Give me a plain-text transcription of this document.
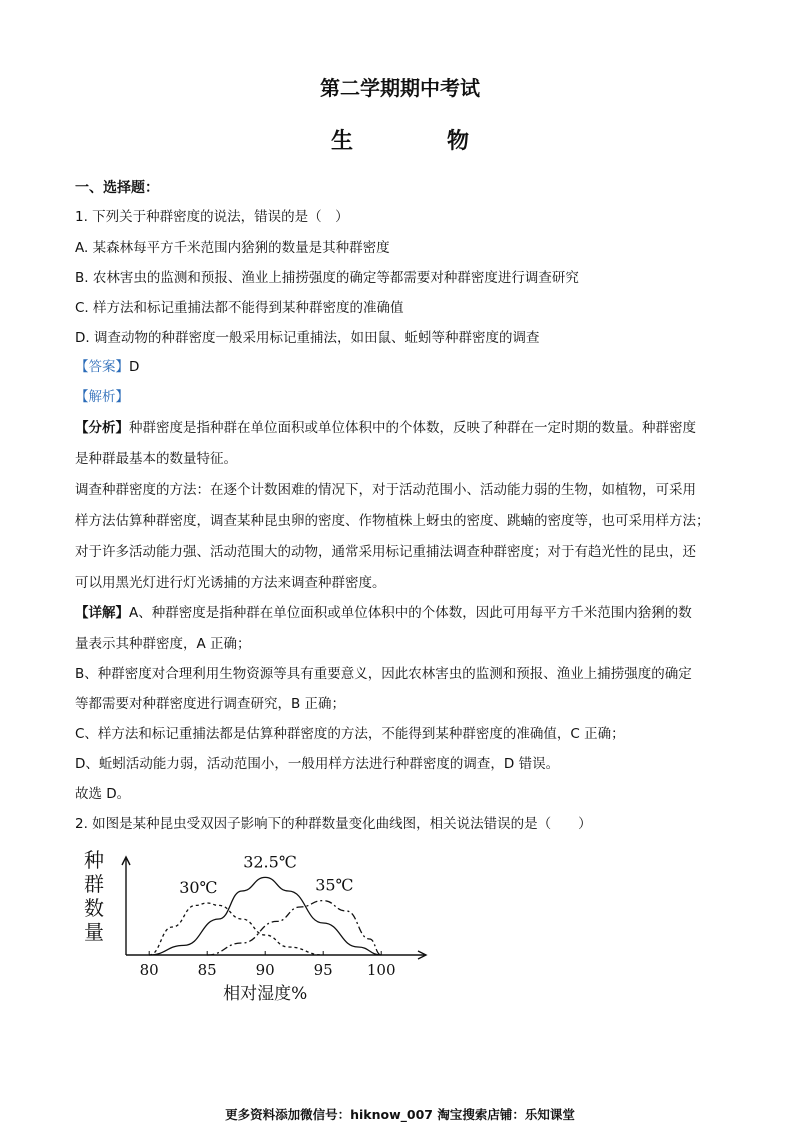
第二学期期中考试
生　物
一、选择题：
1. 下列关于种群密度的说法，错误的是（　）
A. 某森林每平方千米范围内猞猁的数量是其种群密度
B. 农林害虫的监测和预报、渔业上捕捞强度的确定等都需要对种群密度进行调查研究
C. 样方法和标记重捕法都不能得到某种群密度的准确值
D. 调查动物的种群密度一般采用标记重捕法，如田鼠、蚯蚓等种群密度的调查
【答案】D
【解析】
【分析】种群密度是指种群在单位面积或单位体积中的个体数，反映了种群在一定时期的数量。种群密度
是种群最基本的数量特征。
调查种群密度的方法：在逐个计数困难的情况下，对于活动范围小、活动能力弱的生物，如植物，可采用
样方法估算种群密度，调查某种昆虫卵的密度、作物植株上蚜虫的密度、跳蝻的密度等，也可采用样方法；
对于许多活动能力强、活动范围大的动物，通常采用标记重捕法调查种群密度；对于有趋光性的昆虫，还
可以用黑光灯进行灯光诱捕的方法来调查种群密度。
【详解】A、种群密度是指种群在单位面积或单位体积中的个体数，因此可用每平方千米范围内猞猁的数
量表示其种群密度，A 正确；
B、种群密度对合理利用生物资源等具有重要意义，因此农林害虫的监测和预报、渔业上捕捞强度的确定
等都需要对种群密度进行调查研究，B 正确；
C、样方法和标记重捕法都是估算种群密度的方法，不能得到某种群密度的准确值，C 正确；
D、蚯蚓活动能力弱，活动范围小，一般用样方法进行种群密度的调查，D 错误。
故选 D。
2. 如图是某种昆虫受双因子影响下的种群数量变化曲线图，相关说法错误的是（　　）
种
群
数
量
80	85	90	95 100
相对湿度%
30℃
32.5℃
35℃
更多资料添加微信号：hiknow_007 淘宝搜索店铺：乐知课堂
